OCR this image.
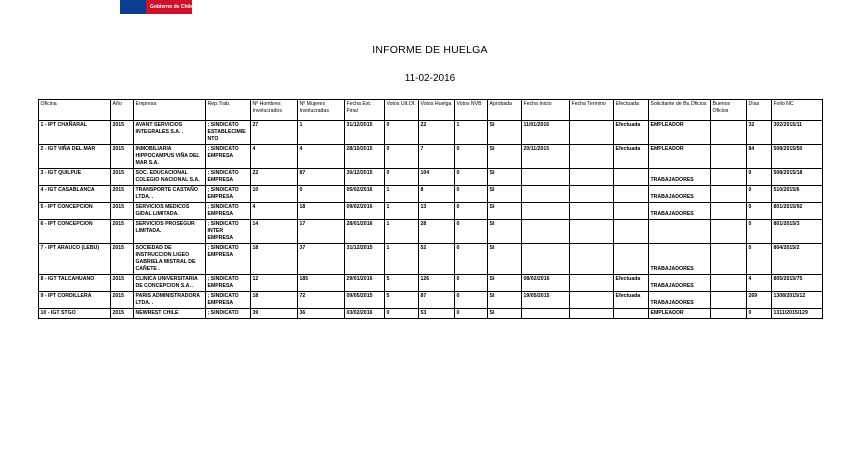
Gobierno de Chile
INFORME DE HUELGA
11-02-2016
Oficina	Año	Empresa	Rep.Trab.	Nº Hombres Involucrados	Nº Mujeres Involucradas	Fecha Ext. Final	Votos Ult.Of.	Votos Huelga	Votos NVB	Aprobada	Fecha Inicio	Fecha Termino	Efectuada	Solicitante de Bs.Oficios	Buenos Oficios	Días	Folio NC
1 - IPT CHAÑARAL	2015	AVANT SERVICIOS INTEGRALES S.A. .	; SINDICATO ESTABLECIMIENTO	27	1	31/12/2015	0	22	1	SI	11/01/2016		Efectuada	EMPLEADOR		32	302/2015/11
2 - IGT VIÑA DEL MAR	2015	INMOBILIARIA HIPPOCAMPUS VIÑA DEL MAR S.A.	; SINDICATO EMPRESA	4	4	28/10/2015	0	7	0	SI	20/11/2015		Efectuada	EMPLEADOR		84	508/2015/50
3 - IGT QUILPUE	2015	SOC. EDUCACIONAL COLEGIO NACIONAL S.A.	; SINDICATO EMPRESA	22	87	30/12/2015	0	104	0	SI				TRABAJADORES		0	508/2015/18
4 - IGT CASABLANCA	2015	TRANSPORTE CASTAÑO LTDA. .	; SINDICATO EMPRESA	10	0	05/02/2016	1	8	0	SI				TRABAJADORES		0	510/2015/6
5 - IPT CONCEPCION	2015	SERVICIOS MEDICOS GIDAL LIMITADA.	; SINDICATO EMPRESA	4	18	09/02/2016	1	13	0	SI				TRABAJADORES		0	801/2015/92
6 - IPT CONCEPCION	2015	SERVICIOS PROSEGUR LIMITADA.	; SINDICATO INTER EMPRESA	14	17	28/01/2016	1	28	0	SI						0	801/2015/3
7 - IPT ARAUCO (LEBU)	2015	SOCIEDAD DE INSTRUCCION LIGEO GABRIELA MISTRAL DE CAÑETE .	; SINDICATO EMPRESA	18	37	31/12/2015	1	52	0	SI				TRABAJADORES		0	804/2015/2
8 - IGT TALCAHUANO	2015	CLINICA UNIVERSITARIA DE CONCEPCION S.A. .	; SINDICATO EMPRESA	12	185	29/01/2016	5	126	0	SI	08/02/2016		Efectuada	TRABAJADORES		4	805/2015/75
9 - IPT CORDILLERA	2015	PARIS ADMINISTRADORA LTDA. .	; SINDICATO EMPRESA	18	72	09/05/2015	5	87	0	SI	19/05/2015		Efectuada	TRABAJADORES		269	1308/2015/12
10 - IGT STGO	2015	NEWREST CHILE	; SINDICATO	39	36	03/02/2016	0	53	0	SI				EMPLEADOR		0	1311/2015/129
